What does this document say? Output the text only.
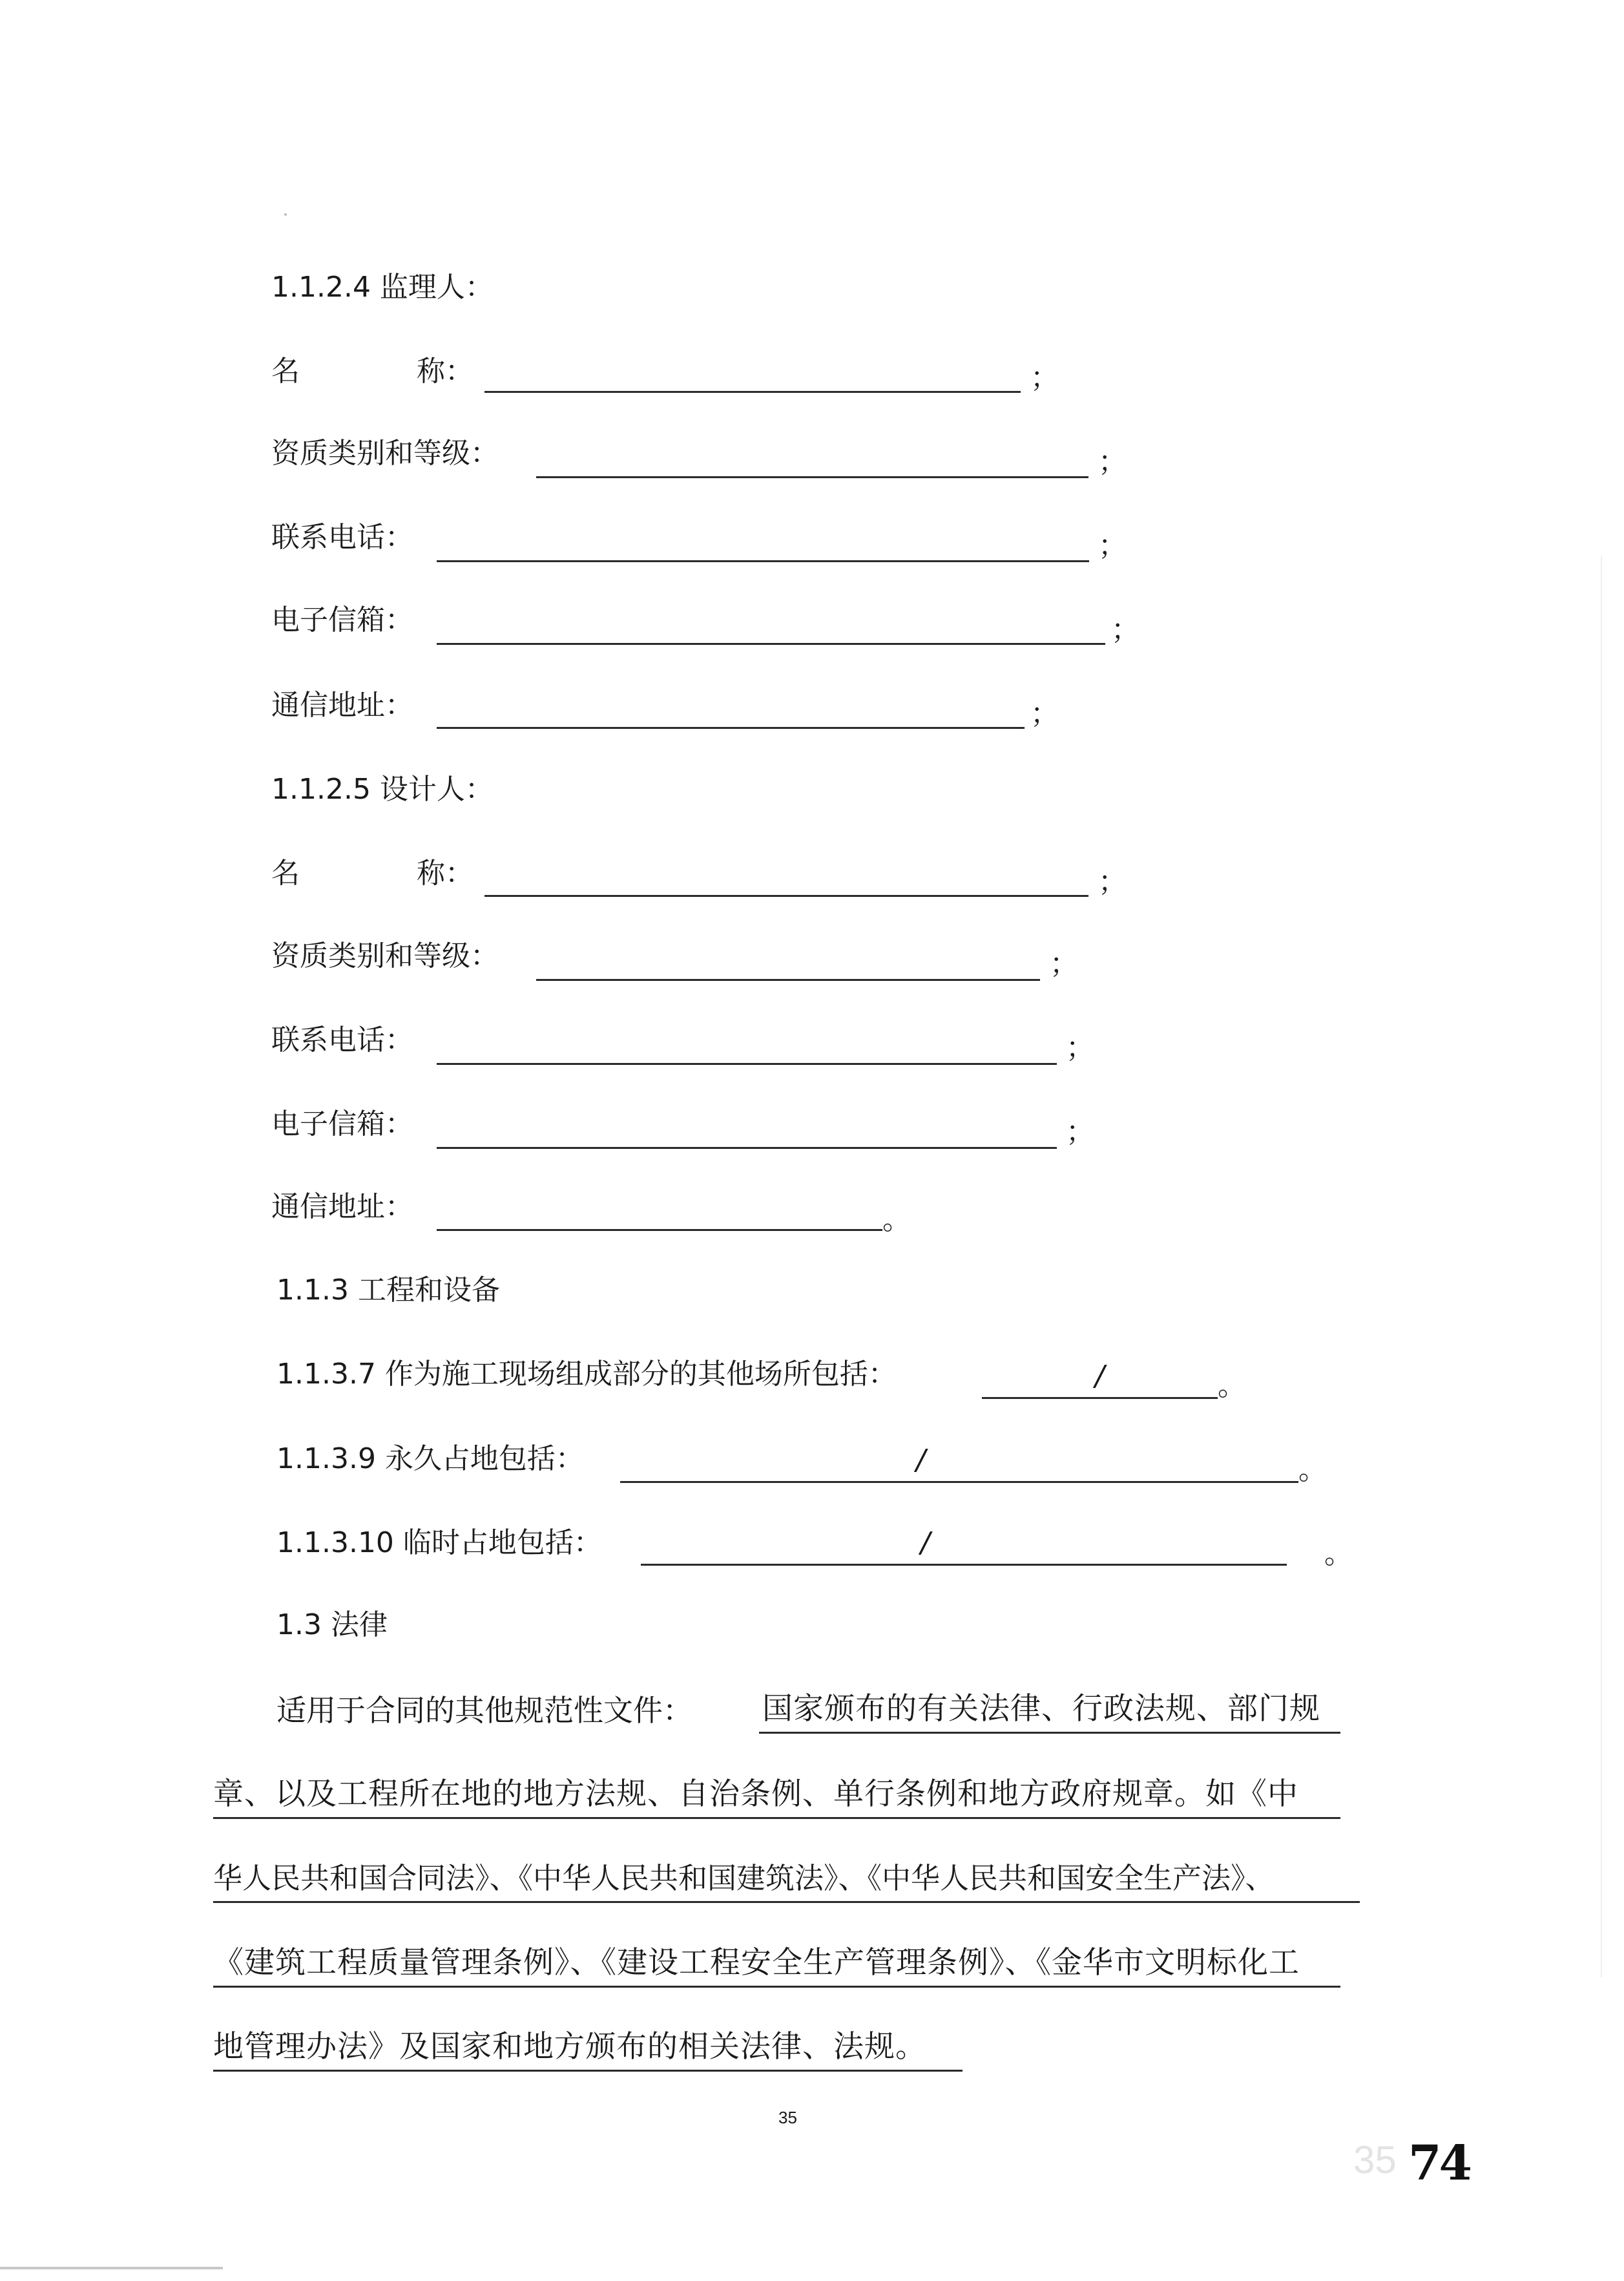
1.1.2.4 监理人：
名	称：	；
资质类别和等级：	；
联系电话：	；
电子信箱：	；
通信地址：	；
1.1.2.5 设计人：
名	称：	；
资质类别和等级：	；
联系电话：	；
电子信箱：	；
通信地址：	。
1.1.3 工程和设备
1.1.3.7 作为施工现场组成部分的其他场所包括：	/	。
1.1.3.9 永久占地包括：	/	。
1.1.3.10 临时占地包括：	/	。
1.3 法律
适用于合同的其他规范性文件： 国家颁布的有关法律、行政法规、部门规
章、以及工程所在地的地方法规、自治条例、单行条例和地方政府规章。如《中
华人民共和国合同法》、《中华人民共和国建筑法》、《中华人民共和国安全生产法》、
《建筑工程质量管理条例》、《建设工程安全生产管理条例》、《金华市文明标化工
地管理办法》及国家和地方颁布的相关法律、法规。
35
35 74
